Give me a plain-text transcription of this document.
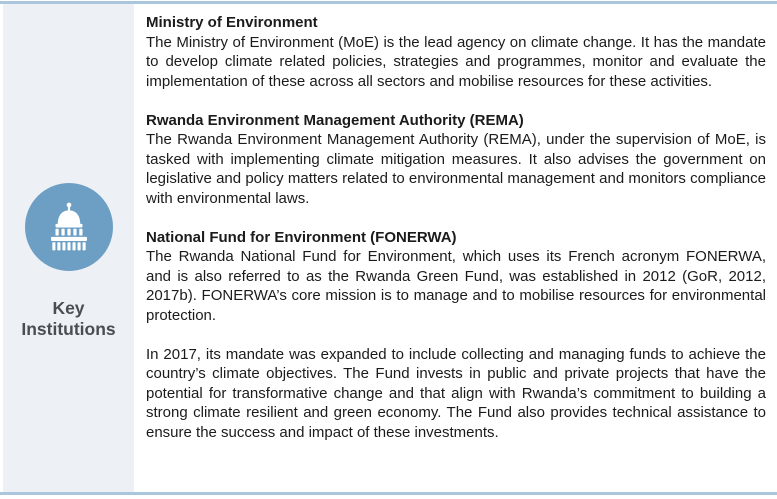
Key
Institutions
Ministry of Environment

The Ministry of Environment (MoE) is the lead agency on climate change. It has the mandate to develop climate related policies, strategies and programmes, monitor and evaluate the implementation of these across all sectors and mobilise resources for these activities.

Rwanda Environment Management Authority (REMA)

The Rwanda Environment Management Authority (REMA), under the supervision of MoE, is tasked with implementing climate mitigation measures. It also advises the government on legislative and policy matters related to environmental management and monitors compliance with environmental laws.

National Fund for Environment (FONERWA)

The Rwanda National Fund for Environment, which uses its French acronym FONERWA, and is also referred to as the Rwanda Green Fund, was established in 2012 (GoR, 2012, 2017b). FONERWA’s core mission is to manage and to mobilise resources for environmental protection.

In 2017, its mandate was expanded to include collecting and managing funds to achieve the country’s climate objectives. The Fund invests in public and private projects that have the potential for transformative change and that align with Rwanda’s commitment to building a strong climate resilient and green economy. The Fund also provides technical assistance to ensure the success and impact of these investments.
